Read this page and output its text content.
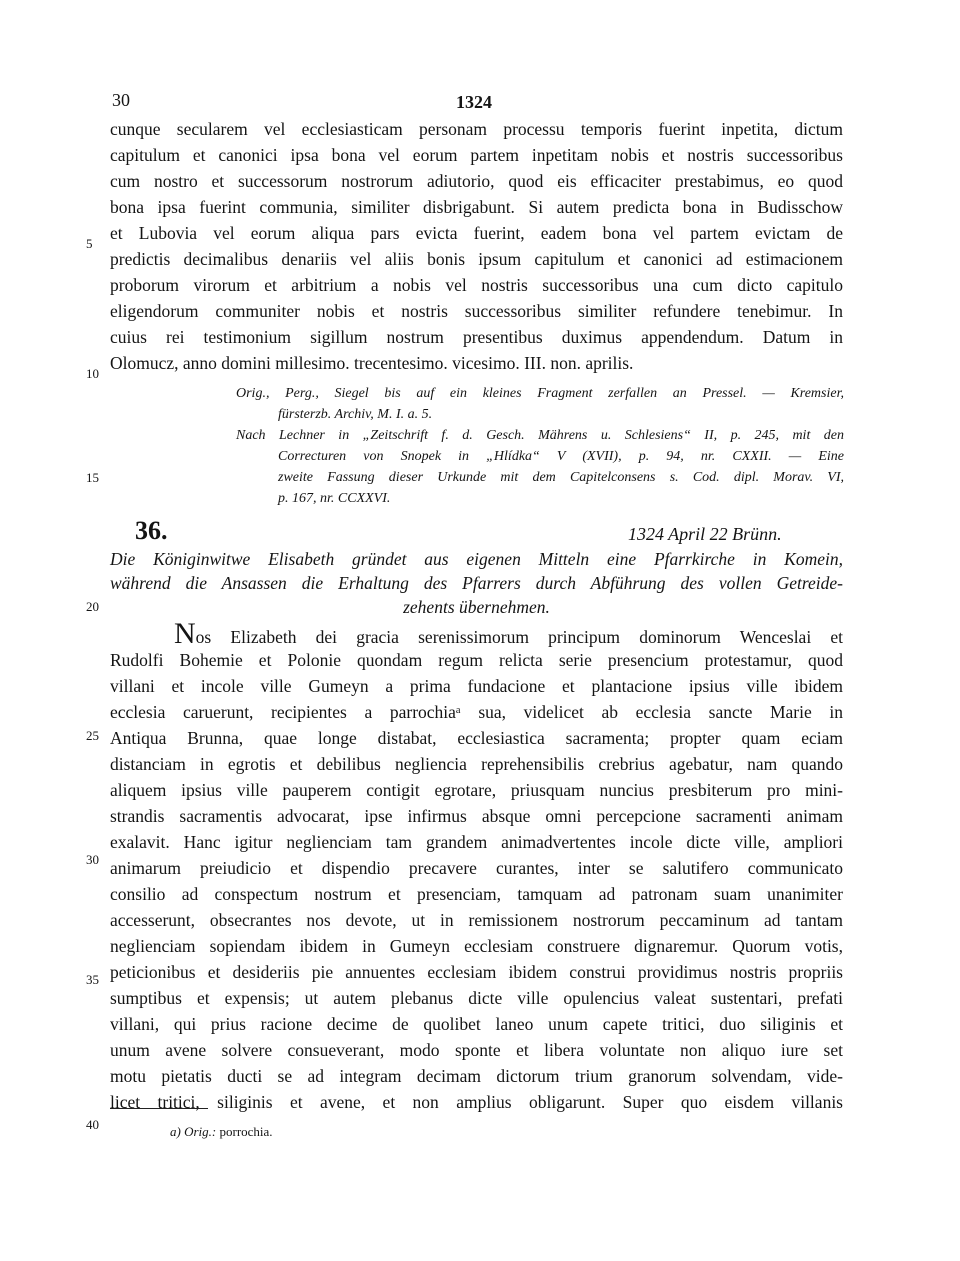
30	1324
cunque secularem vel ecclesiasticam personam processu temporis fuerint inpetita, dictum
capitulum et canonici ipsa bona vel eorum partem inpetitam nobis et nostris successoribus
cum nostro et successorum nostrorum adiutorio, quod eis efficaciter prestabimus, eo quod
bona ipsa fuerint communia, similiter disbrigabunt. Si autem predicta bona in Budisschow
et Lubovia vel eorum aliqua pars evicta fuerint, eadem bona vel partem evictam de
predictis decimalibus denariis vel aliis bonis ipsum capitulum et canonici ad estimacionem
proborum virorum et arbitrium a nobis vel nostris successoribus una cum dicto capitulo
eligendorum communiter nobis et nostris successoribus similiter refundere tenebimur. In
cuius rei testimonium sigillum nostrum presentibus duximus appendendum. Datum in
Olomucz, anno domini millesimo. trecentesimo. vicesimo. III. non. aprilis.
Orig., Perg., Siegel bis auf ein kleines Fragment zerfallen an Pressel. — Kremsier,
fürsterzb. Archiv, M. I. a. 5.
Nach Lechner in „Zeitschrift f. d. Gesch. Mährens u. Schlesiens“ II, p. 245, mit den
Correcturen von Snopek in „Hlídka“ V (XVII), p. 94, nr. CXXII. — Eine
zweite Fassung dieser Urkunde mit dem Capitelconsens s. Cod. dipl. Morav. VI,
p. 167, nr. CCXXVI.
36.	1324 April 22 Brünn.
Die Königinwitwe Elisabeth gründet aus eigenen Mitteln eine Pfarrkirche in Komein,
während die Ansassen die Erhaltung des Pfarrers durch Abführung des vollen Getreide-
zehents übernehmen.
Nos Elizabeth dei gracia serenissimorum principum dominorum Wenceslai et
Rudolfi Bohemie et Polonie quondam regum relicta serie presencium protestamur, quod
villani et incole ville Gumeyn a prima fundacione et plantacione ipsius ville ibidem
ecclesia caruerunt, recipientes a parrochiaᵃ sua, videlicet ab ecclesia sancte Marie in
Antiqua Brunna, quae longe distabat, ecclesiastica sacramenta; propter quam eciam
distanciam in egrotis et debilibus negliencia reprehensibilis crebrius agebatur, nam quando
aliquem ipsius ville pauperem contigit egrotare, priusquam nuncius presbiterum pro mini-
strandis sacramentis advocarat, ipse infirmus absque omni percepcione sacramenti animam
exalavit. Hanc igitur neglienciam tam grandem animadvertentes incole dicte ville, ampliori
animarum preiudicio et dispendio precavere curantes, inter se salutifero communicato
consilio ad conspectum nostrum et presenciam, tamquam ad patronam suam unanimiter
accesserunt, obsecrantes nos devote, ut in remissionem nostrorum peccaminum ad tantam
neglienciam sopiendam ibidem in Gumeyn ecclesiam construere dignaremur. Quorum votis,
peticionibus et desideriis pie annuentes ecclesiam ibidem construi providimus nostris propriis
sumptibus et expensis; ut autem plebanus dicte ville opulencius valeat sustentari, prefati
villani, qui prius racione decime de quolibet laneo unum capete tritici, duo siliginis et
unum avene solvere consueverant, modo sponte et libera voluntate non aliquo iure set
motu pietatis ducti se ad integram decimam dictorum trium granorum solvendam, vide-
licet tritici, siliginis et avene, et non amplius obligarunt. Super quo eisdem villanis
5
10
15
20
25
30
35
40	a) Orig.: porrochia.
